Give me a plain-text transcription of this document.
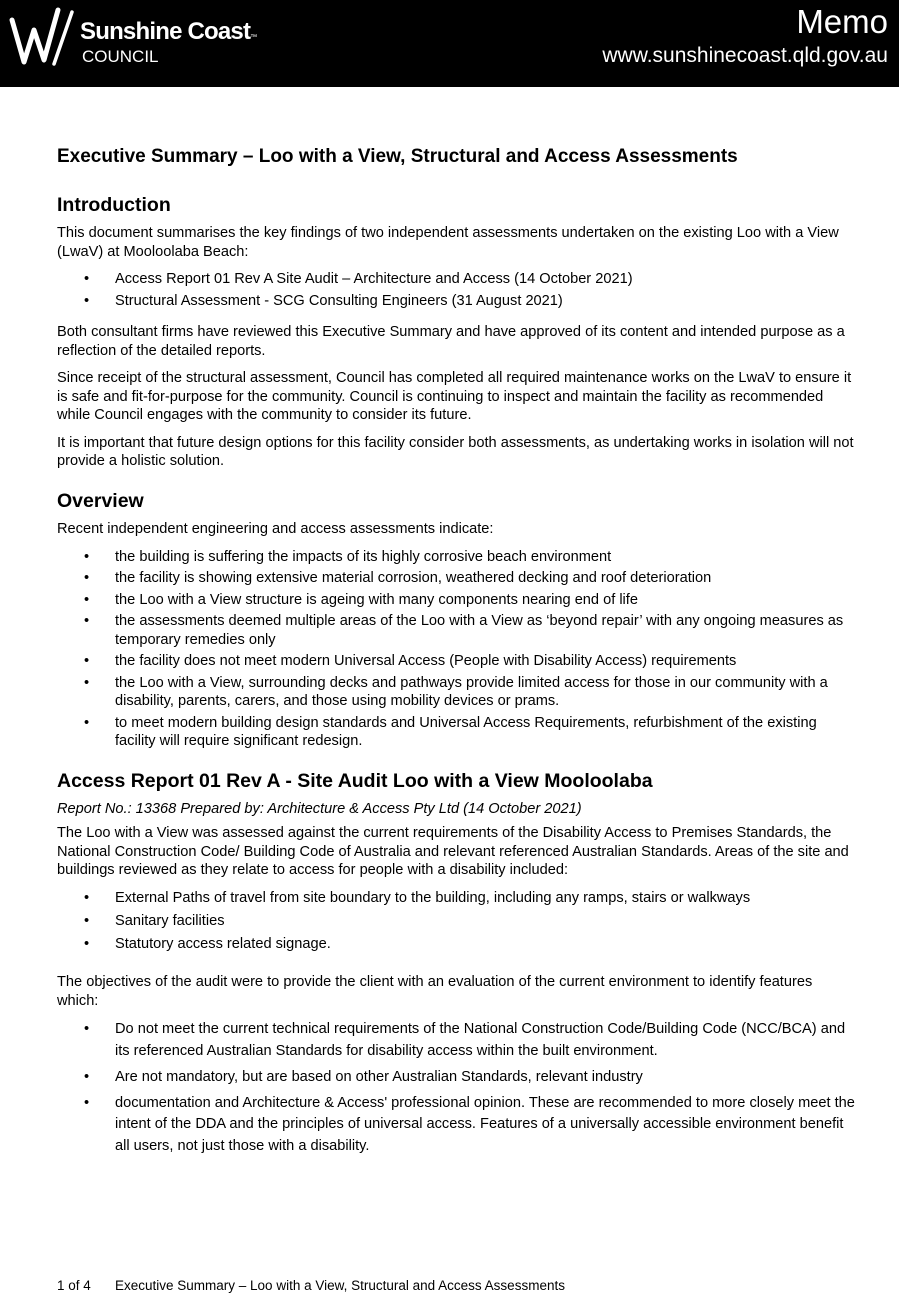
Sunshine Coast™
COUNCIL
Memo
www.sunshinecoast.qld.gov.au
Executive Summary – Loo with a View, Structural and Access Assessments
Introduction

This document summarises the key findings of two independent assessments undertaken on the existing Loo with a View (LwaV) at Mooloolaba Beach:

• Access Report 01 Rev A Site Audit – Architecture and Access (14 October 2021)
• Structural Assessment - SCG Consulting Engineers (31 August 2021)

Both consultant firms have reviewed this Executive Summary and have approved of its content and intended purpose as a reflection of the detailed reports.

Since receipt of the structural assessment, Council has completed all required maintenance works on the LwaV to ensure it is safe and fit-for-purpose for the community. Council is continuing to inspect and maintain the facility as recommended while Council engages with the community to consider its future.

It is important that future design options for this facility consider both assessments, as undertaking works in isolation will not provide a holistic solution.

Overview

Recent independent engineering and access assessments indicate:

• the building is suffering the impacts of its highly corrosive beach environment
• the facility is showing extensive material corrosion, weathered decking and roof deterioration
• the Loo with a View structure is ageing with many components nearing end of life
• the assessments deemed multiple areas of the Loo with a View as ‘beyond repair’ with any ongoing measures as temporary remedies only
• the facility does not meet modern Universal Access (People with Disability Access) requirements
• the Loo with a View, surrounding decks and pathways provide limited access for those in our community with a disability, parents, carers, and those using mobility devices or prams.
• to meet modern building design standards and Universal Access Requirements, refurbishment of the existing facility will require significant redesign.
Access Report 01 Rev A - Site Audit Loo with a View Mooloolaba

Report No.: 13368 Prepared by: Architecture & Access Pty Ltd (14 October 2021)

The Loo with a View was assessed against the current requirements of the Disability Access to Premises Standards, the National Construction Code/ Building Code of Australia and relevant referenced Australian Standards. Areas of the site and buildings reviewed as they relate to access for people with a disability included:

• External Paths of travel from site boundary to the building, including any ramps, stairs or walkways
• Sanitary facilities
• Statutory access related signage.

The objectives of the audit were to provide the client with an evaluation of the current environment to identify features which:

• Do not meet the current technical requirements of the National Construction Code/Building Code (NCC/BCA) and its referenced Australian Standards for disability access within the built environment.
• Are not mandatory, but are based on other Australian Standards, relevant industry
• documentation and Architecture & Access' professional opinion. These are recommended to more closely meet the intent of the DDA and the principles of universal access. Features of a universally accessible environment benefit all users, not just those with a disability.
1 of 4 Executive Summary – Loo with a View, Structural and Access Assessments
